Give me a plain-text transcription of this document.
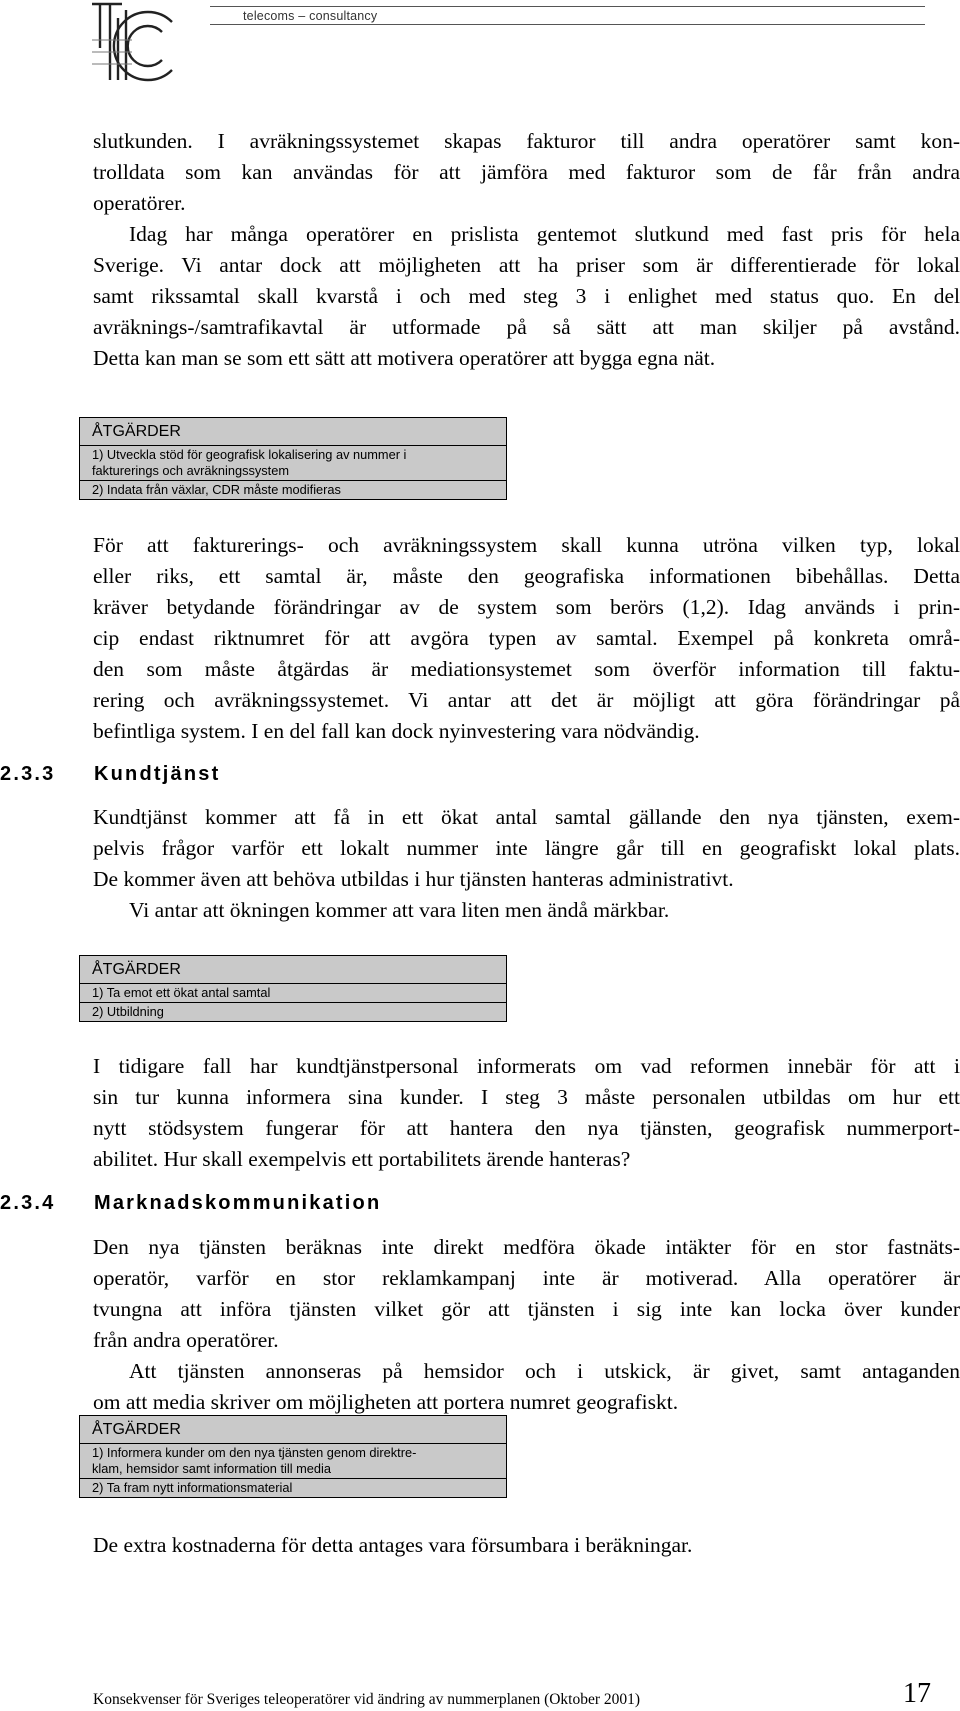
telecoms – consultancy
slutkunden. I avräkningssystemet skapas fakturor till andra operatörer samt kon-
trolldata som kan användas för att jämföra med fakturor som de får från andra
operatörer.
Idag har många operatörer en prislista gentemot slutkund med fast pris för hela
Sverige. Vi antar dock att möjligheten att ha priser som är differentierade för lokal
samt rikssamtal skall kvarstå i och med steg 3 i enlighet med status quo. En del
avräknings-/samtrafikavtal är utformade på så sätt att man skiljer på avstånd.
Detta kan man se som ett sätt att motivera operatörer att bygga egna nät.
ÅTGÄRDER
1) Utveckla stöd för geografisk lokalisering av nummer i
fakturerings och avräkningssystem
2) Indata från växlar, CDR måste modifieras
För att fakturerings- och avräkningssystem skall kunna utröna vilken typ, lokal
eller riks, ett samtal är, måste den geografiska informationen bibehållas. Detta
kräver betydande förändringar av de system som berörs (1,2). Idag används i prin-
cip endast riktnumret för att avgöra typen av samtal. Exempel på konkreta områ-
den som måste åtgärdas är mediationsystemet som överför information till faktu-
rering och avräkningssystemet. Vi antar att det är möjligt att göra förändringar på
befintliga system. I en del fall kan dock nyinvestering vara nödvändig.
2.3.3 Kundtjänst
Kundtjänst kommer att få in ett ökat antal samtal gällande den nya tjänsten, exem-
pelvis frågor varför ett lokalt nummer inte längre går till en geografiskt lokal plats.
De kommer även att behöva utbildas i hur tjänsten hanteras administrativt.
Vi antar att ökningen kommer att vara liten men ändå märkbar.
ÅTGÄRDER
1) Ta emot ett ökat antal samtal
2) Utbildning
I tidigare fall har kundtjänstpersonal informerats om vad reformen innebär för att i
sin tur kunna informera sina kunder. I steg 3 måste personalen utbildas om hur ett
nytt stödsystem fungerar för att hantera den nya tjänsten, geografisk nummerport-
abilitet. Hur skall exempelvis ett portabilitets ärende hanteras?
2.3.4 Marknadskommunikation
Den nya tjänsten beräknas inte direkt medföra ökade intäkter för en stor fastnäts-
operatör, varför en stor reklamkampanj inte är motiverad. Alla operatörer är
tvungna att införa tjänsten vilket gör att tjänsten i sig inte kan locka över kunder
från andra operatörer.
Att tjänsten annonseras på hemsidor och i utskick, är givet, samt antaganden
om att media skriver om möjligheten att portera numret geografiskt.
ÅTGÄRDER
1) Informera kunder om den nya tjänsten genom direktre-
klam, hemsidor samt information till media
2) Ta fram nytt informationsmaterial
De extra kostnaderna för detta antages vara försumbara i beräkningar.
Konsekvenser för Sveriges teleoperatörer vid ändring av nummerplanen (Oktober 2001)	17
